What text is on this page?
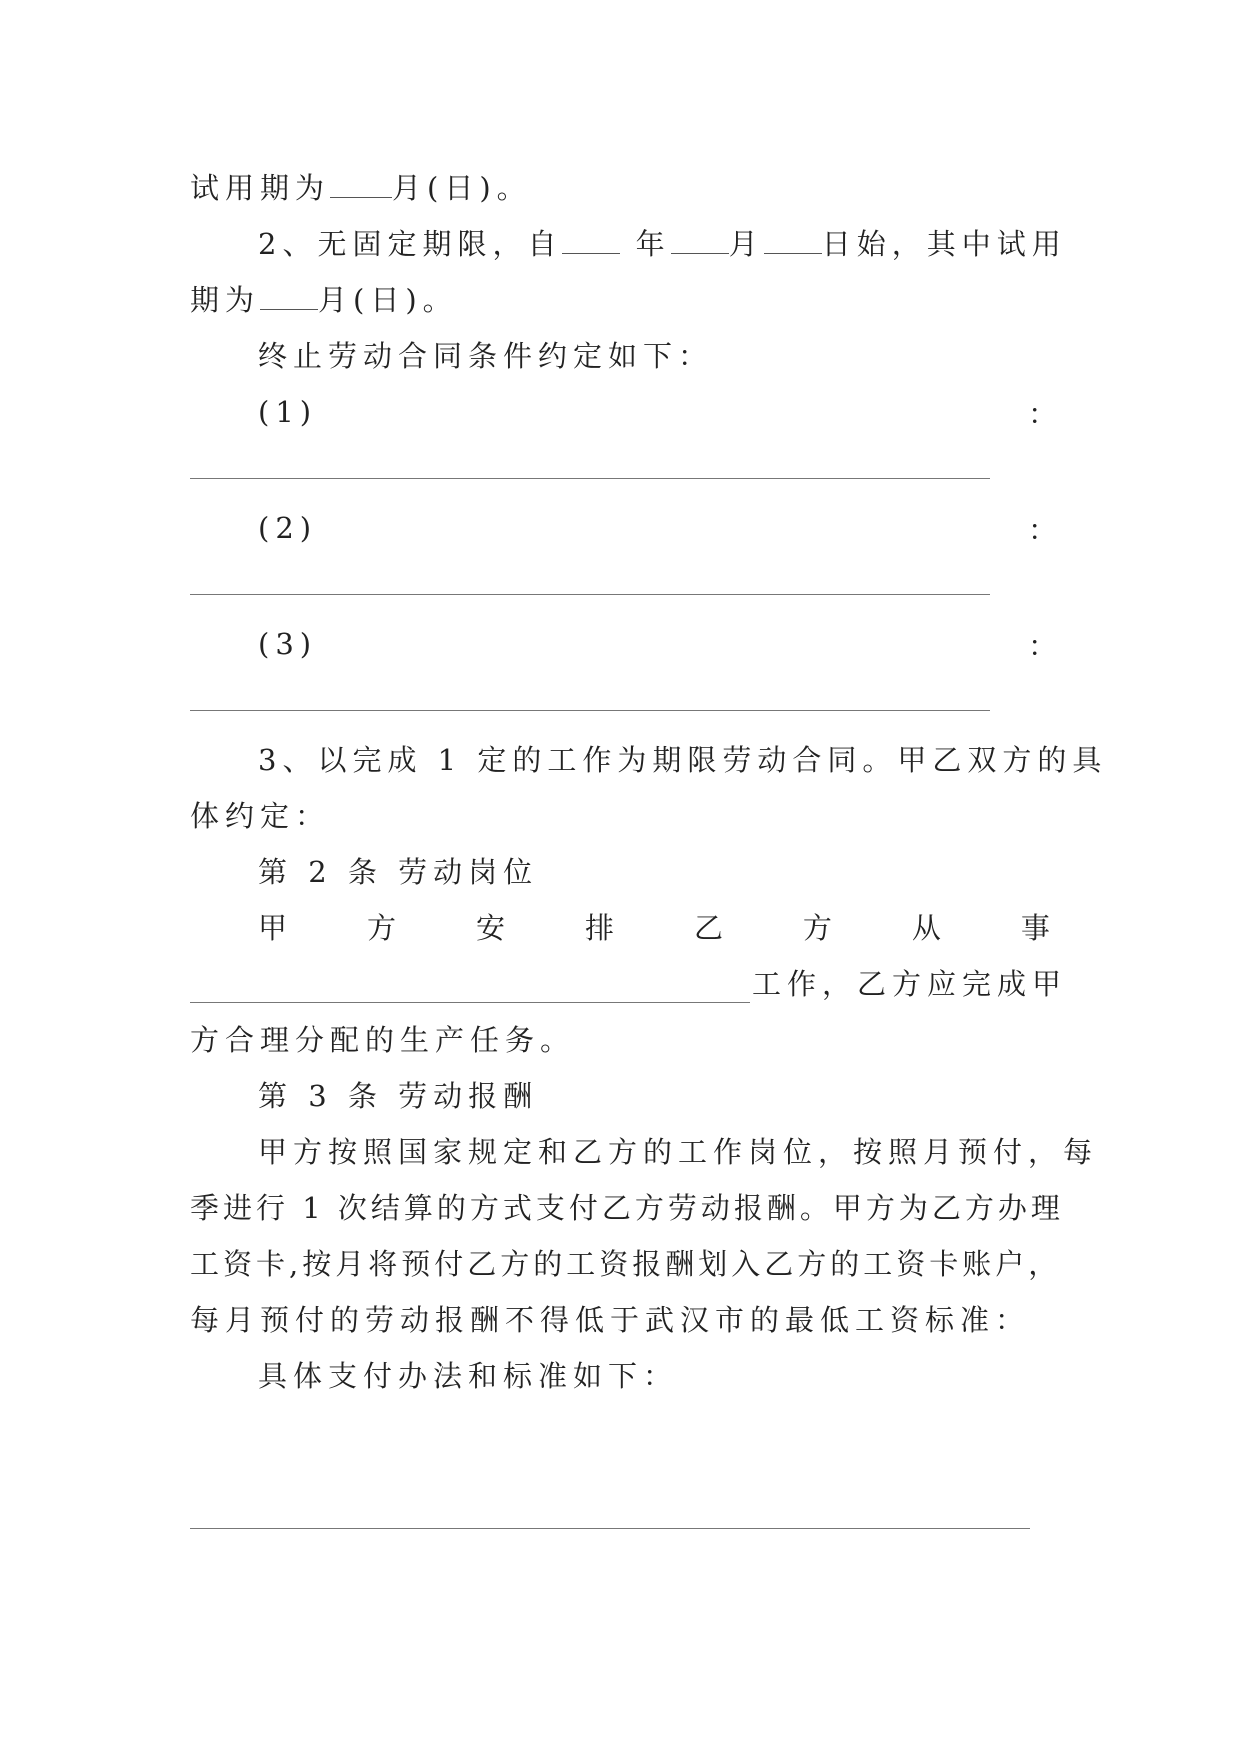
试用期为 月(日)。
2、无固定期限，自	年 月 日始，其中试用
期为 月(日)。
终止劳动合同条件约定如下：
(1)	：
(2)	：
(3)	：
3、以完成 1 定的工作为期限劳动合同。甲乙双方的具
体约定：
第 2 条 劳动岗位
甲	方	安	排	乙	方	从	事
工作，乙方应完成甲
方合理分配的生产任务。
第 3 条 劳动报酬
甲方按照国家规定和乙方的工作岗位，按照月预付，每
季进行 1 次结算的方式支付乙方劳动报酬。甲方为乙方办理
工资卡,按月将预付乙方的工资报酬划入乙方的工资卡账户，
每月预付的劳动报酬不得低于武汉市的最低工资标准：
具体支付办法和标准如下：
